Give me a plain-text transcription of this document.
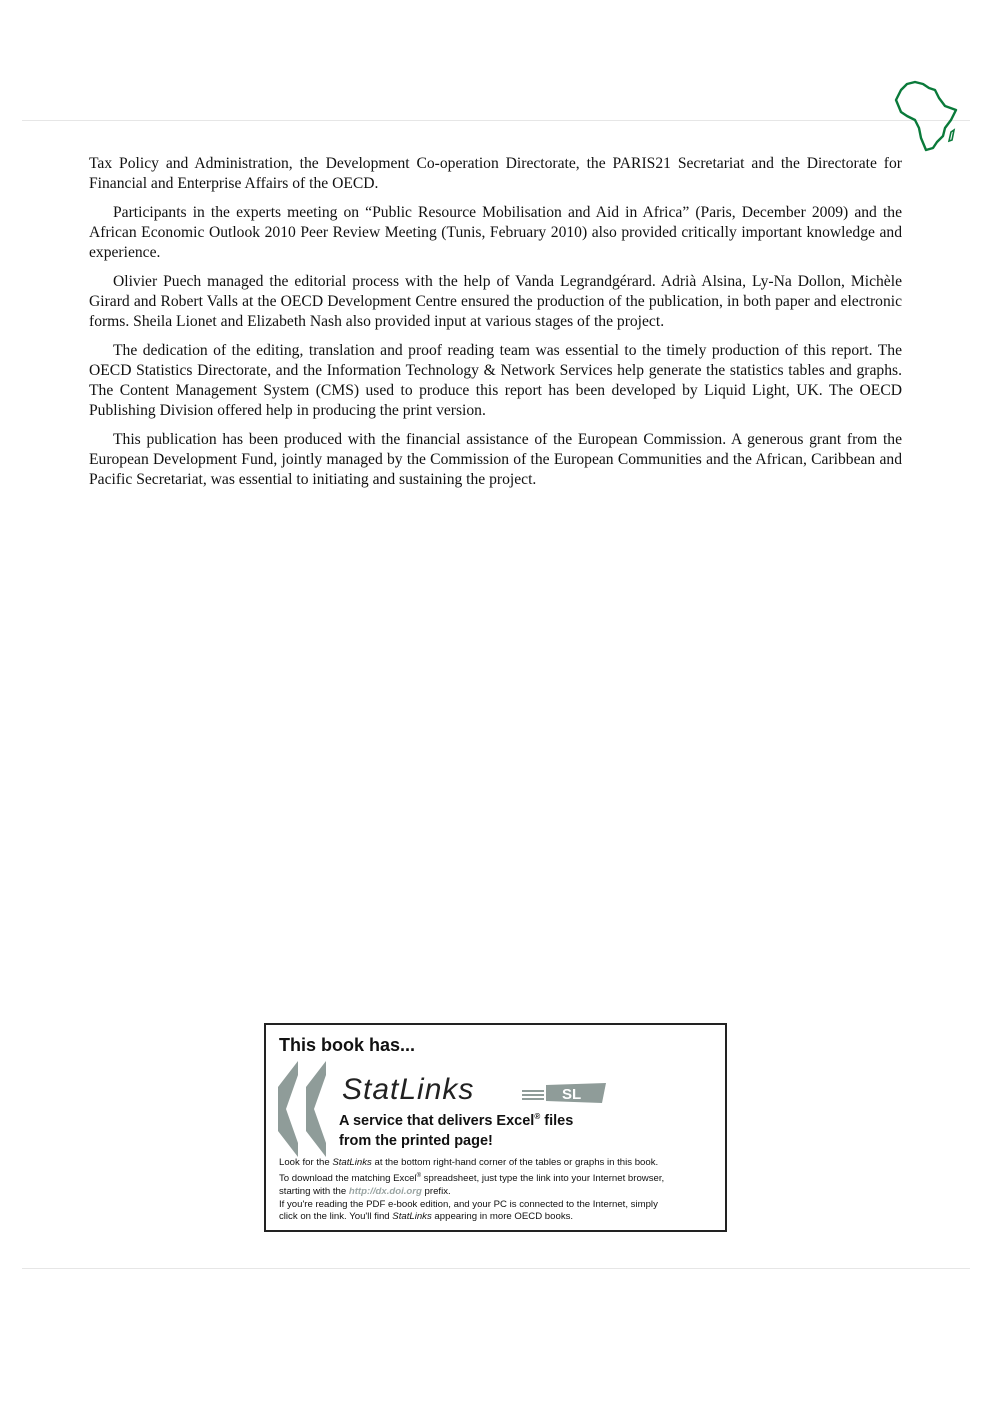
Tax Policy and Administration, the Development Co-operation Directorate, the PARIS21 Secretariat and the Directorate for Financial and Enterprise Affairs of the OECD.

Participants in the experts meeting on “Public Resource Mobilisation and Aid in Africa” (Paris, December 2009) and the African Economic Outlook 2010 Peer Review Meeting (Tunis, February 2010) also provided critically important knowledge and experience.

Olivier Puech managed the editorial process with the help of Vanda Legrandgérard. Adrià Alsina, Ly-Na Dollon, Michèle Girard and Robert Valls at the OECD Development Centre ensured the production of the publication, in both paper and electronic forms. Sheila Lionet and Elizabeth Nash also provided input at various stages of the project.

The dedication of the editing, translation and proof reading team was essential to the timely production of this report. The OECD Statistics Directorate, and the Information Technology & Network Services help generate the statistics tables and graphs. The Content Management System (CMS) used to produce this report has been developed by Liquid Light, UK. The OECD Publishing Division offered help in producing the print version.

This publication has been produced with the financial assistance of the European Commission. A generous grant from the European Development Fund, jointly managed by the Commission of the European Communities and the African, Caribbean and Pacific Secretariat, was essential to initiating and sustaining the project.

This book has...
StatLinks	SL
A service that delivers Excel® files
from the printed page!
Look for the StatLinks at the bottom right-hand corner of the tables or graphs in this book.
To download the matching Excel® spreadsheet, just type the link into your Internet browser,
starting with the http://dx.doi.org prefix.
If you're reading the PDF e-book edition, and your PC is connected to the Internet, simply
click on the link. You'll find StatLinks appearing in more OECD books.
